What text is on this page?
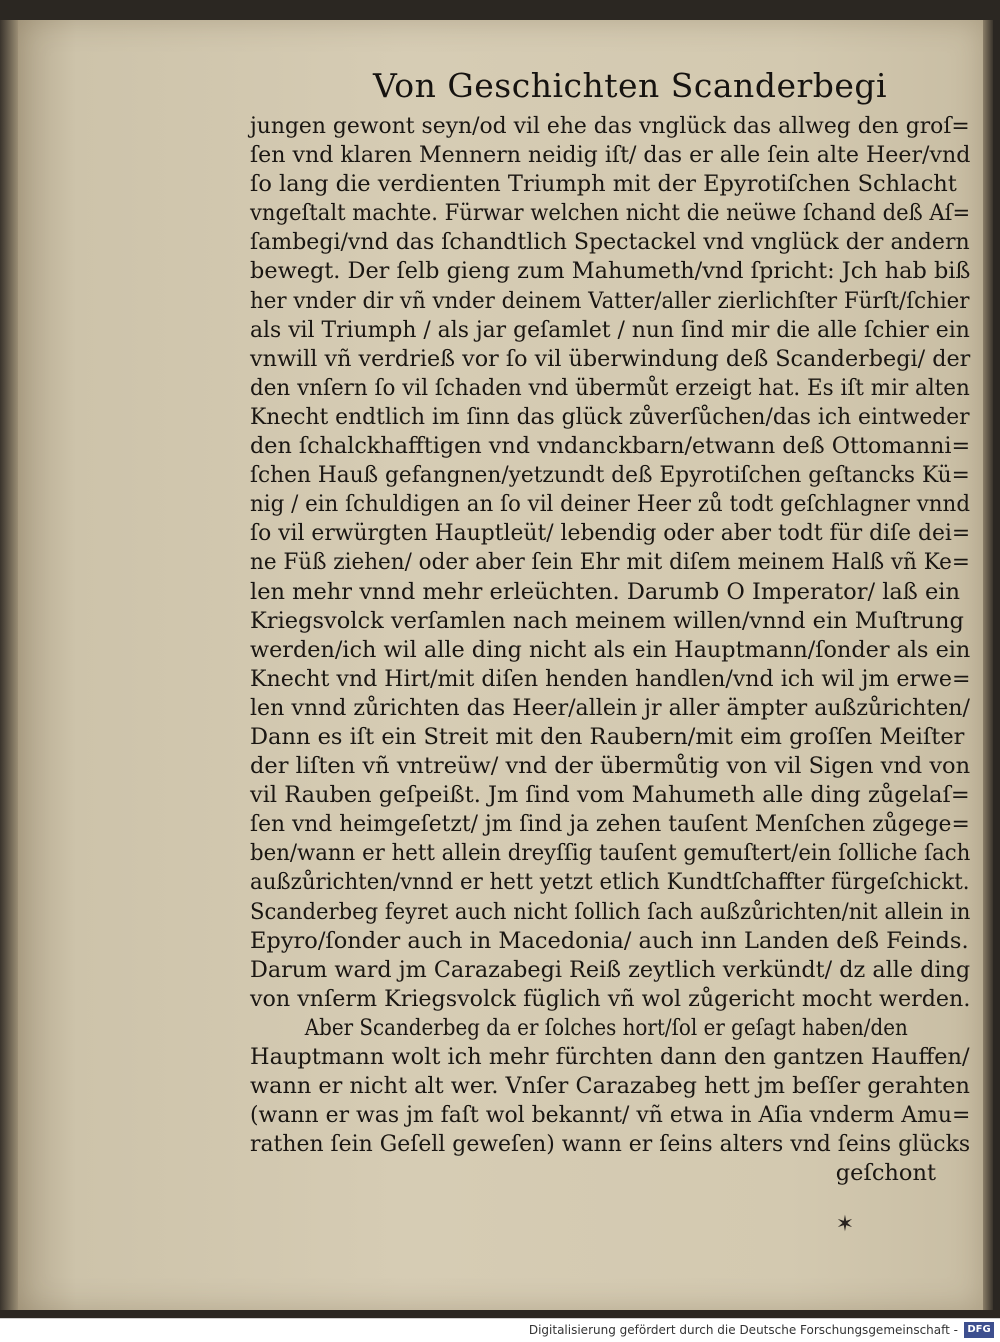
Von Geschichten Scanderbegi
jungen gewont seyn/od vil ehe das vnglück das allweg den groſ=
ſen vnd klaren Mennern neidig iſt/ das er alle ſein alte Heer/vnd
ſo lang die verdienten Triumph mit der Epyrotiſchen Schlacht
vngeſtalt machte. Fürwar welchen nicht die neüwe ſchand deß Aſ=
ſambegi/vnd das ſchandtlich Spectackel vnd vnglück der andern
bewegt. Der ſelb gieng zum Mahumeth/vnd ſpricht: Jch hab biß
her vnder dir vñ vnder deinem Vatter/aller zierlichſter Fürſt/ſchier
als vil Triumph / als jar geſamlet / nun ſind mir die alle ſchier ein
vnwill vñ verdrieß vor ſo vil überwindung deß Scanderbegi/ der
den vnſern ſo vil ſchaden vnd übermůt erzeigt hat. Es iſt mir alten
Knecht endtlich im ſinn das glück zůverſůchen/das ich eintweder
den ſchalckhafftigen vnd vndanckbarn/etwann deß Ottomanni=
ſchen Hauß gefangnen/yetzundt deß Epyrotiſchen geſtancks Kü=
nig / ein ſchuldigen an ſo vil deiner Heer zů todt geſchlagner vnnd
ſo vil erwürgten Hauptleüt/ lebendig oder aber todt für diſe dei=
ne Füß ziehen/ oder aber ſein Ehr mit diſem meinem Halß vñ Ke=
len mehr vnnd mehr erleüchten. Darumb O Imperator/ laß ein
Kriegsvolck verſamlen nach meinem willen/vnnd ein Muſtrung
werden/ich wil alle ding nicht als ein Hauptmann/ſonder als ein
Knecht vnd Hirt/mit diſen henden handlen/vnd ich wil jm erwe=
len vnnd zůrichten das Heer/allein jr aller ämpter außzůrichten/
Dann es iſt ein Streit mit den Raubern/mit eim groſſen Meiſter
der liſten vñ vntreüw/ vnd der übermůtig von vil Sigen vnd von
vil Rauben geſpeißt. Jm ſind vom Mahumeth alle ding zůgelaſ=
ſen vnd heimgeſetzt/ jm ſind ja zehen tauſent Menſchen zůgege=
ben/wann er hett allein dreyſſig tauſent gemuſtert/ein ſolliche ſach
außzůrichten/vnnd er hett yetzt etlich Kundtſchaffter fürgeſchickt.
Scanderbeg feyret auch nicht ſollich ſach außzůrichten/nit allein in
Epyro/ſonder auch in Macedonia/ auch inn Landen deß Feinds.
Darum ward jm Carazabegi Reiß zeytlich verkündt/ dz alle ding
von vnſerm Kriegsvolck füglich vñ wol zůgericht mocht werden.
Aber Scanderbeg da er ſolches hort/ſol er geſagt haben/den
Hauptmann wolt ich mehr fürchten dann den gantzen Hauffen/
wann er nicht alt wer. Vnſer Carazabeg hett jm beſſer gerahten
(wann er was jm faſt wol bekannt/ vñ etwa in Aſia vnderm Amu=
rathen ſein Geſell geweſen) wann er ſeins alters vnd ſeins glücks
geſchont
✶
Digitalisierung gefördert durch die Deutsche Forschungsgemeinschaft - DFG
